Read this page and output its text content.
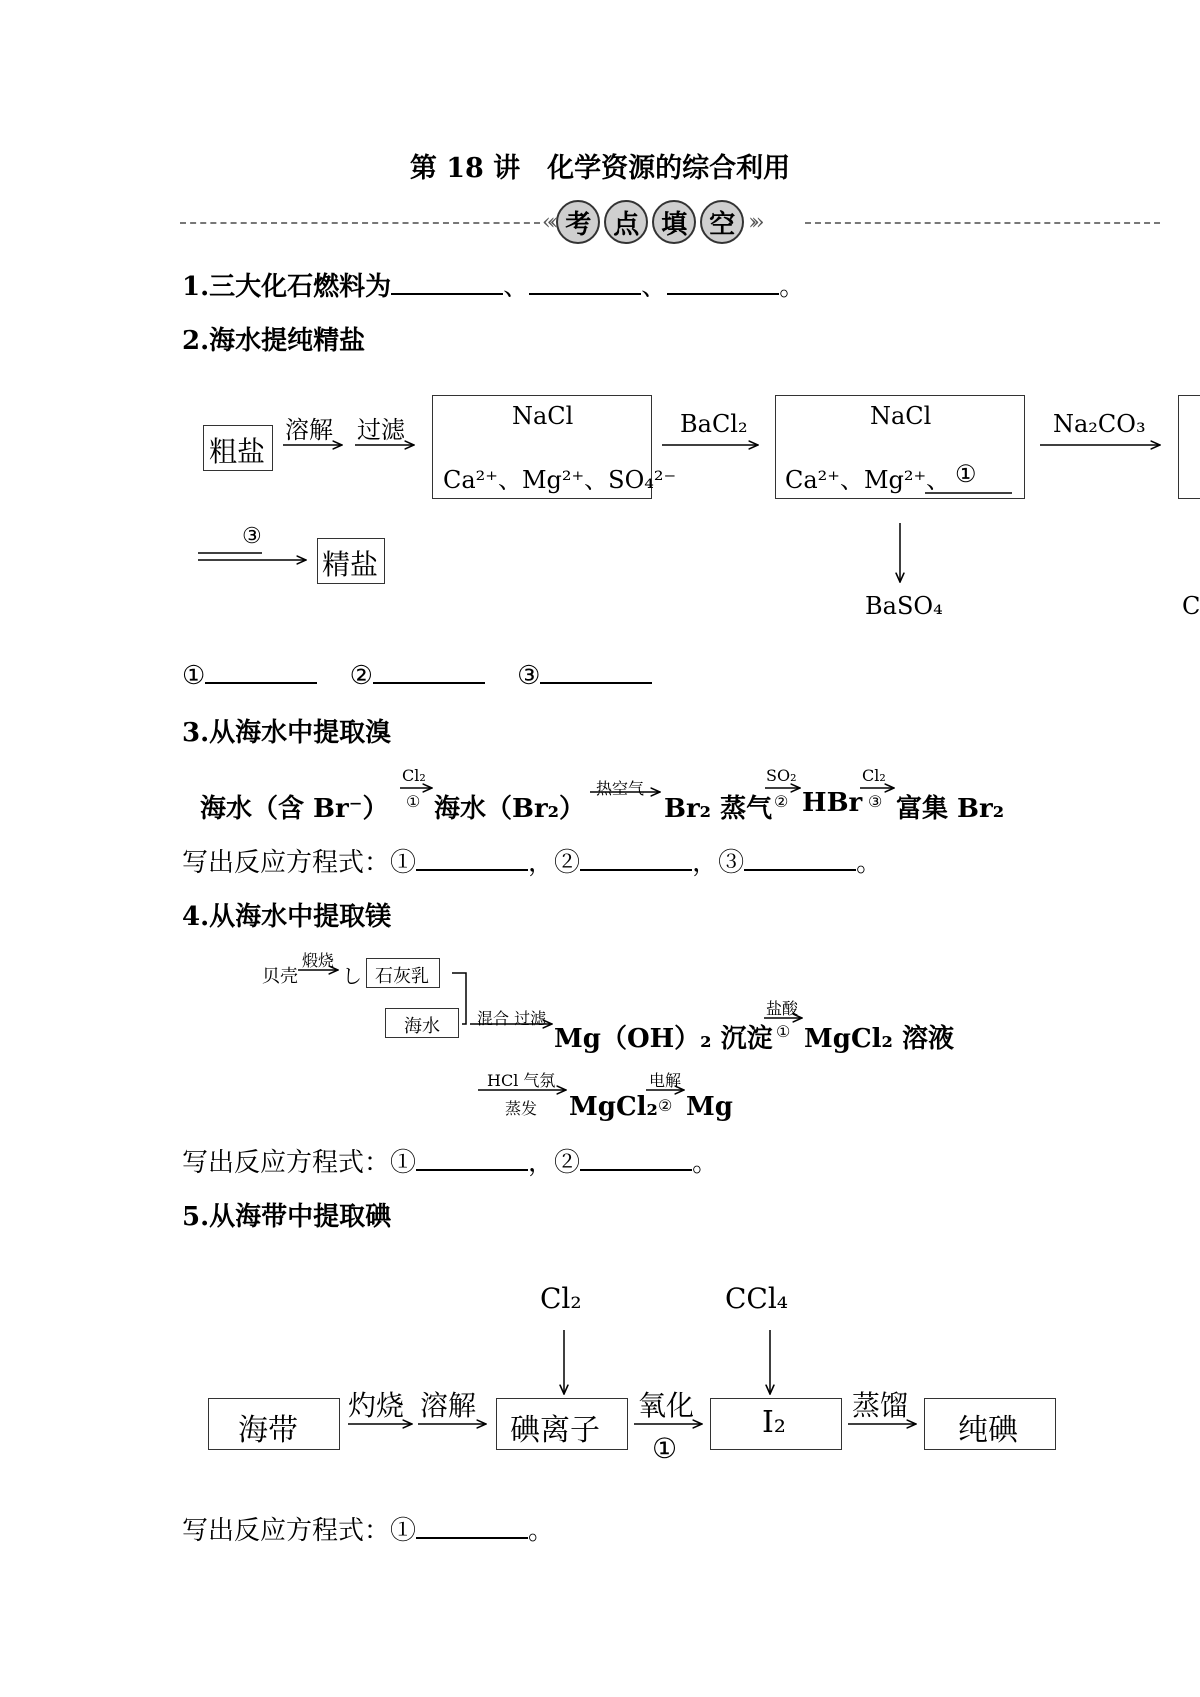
第 18 讲　化学资源的综合利用
«‹ 考 点 填 空 ›»
1.三大化石燃料为	、	、	。
2.海水提纯精盐
粗盐
溶解 过滤	NaCl
Ca²⁺、Mg²⁺、SO₄²⁻
BaCl₂	NaCl
Ca²⁺、Mg²⁺、 ①
Na₂CO₃
BaSO₄	C
③
精盐
①	②	③
3.从海水中提取溴
海水（含 Br⁻）
Cl₂
① 海水（Br₂）
热空气
Br₂ 蒸气
SO₂
② HBr
Cl₂
③ 富集 Br₂
写出反应方程式：①	，②	，③	。
4.从海水中提取镁
贝壳
煅烧
し 石灰乳
海水 混合 过滤
Mg（OH）₂ 沉淀
盐酸
① MgCl₂ 溶液
HCl 气氛
蒸发 MgCl₂
电解
② Mg
写出反应方程式：①	，②	。
5.从海带中提取碘
Cl₂	CCl₄
海带
灼烧 溶解
碘离子
氧化
①
I₂ 蒸馏
纯碘
写出反应方程式：①	。
